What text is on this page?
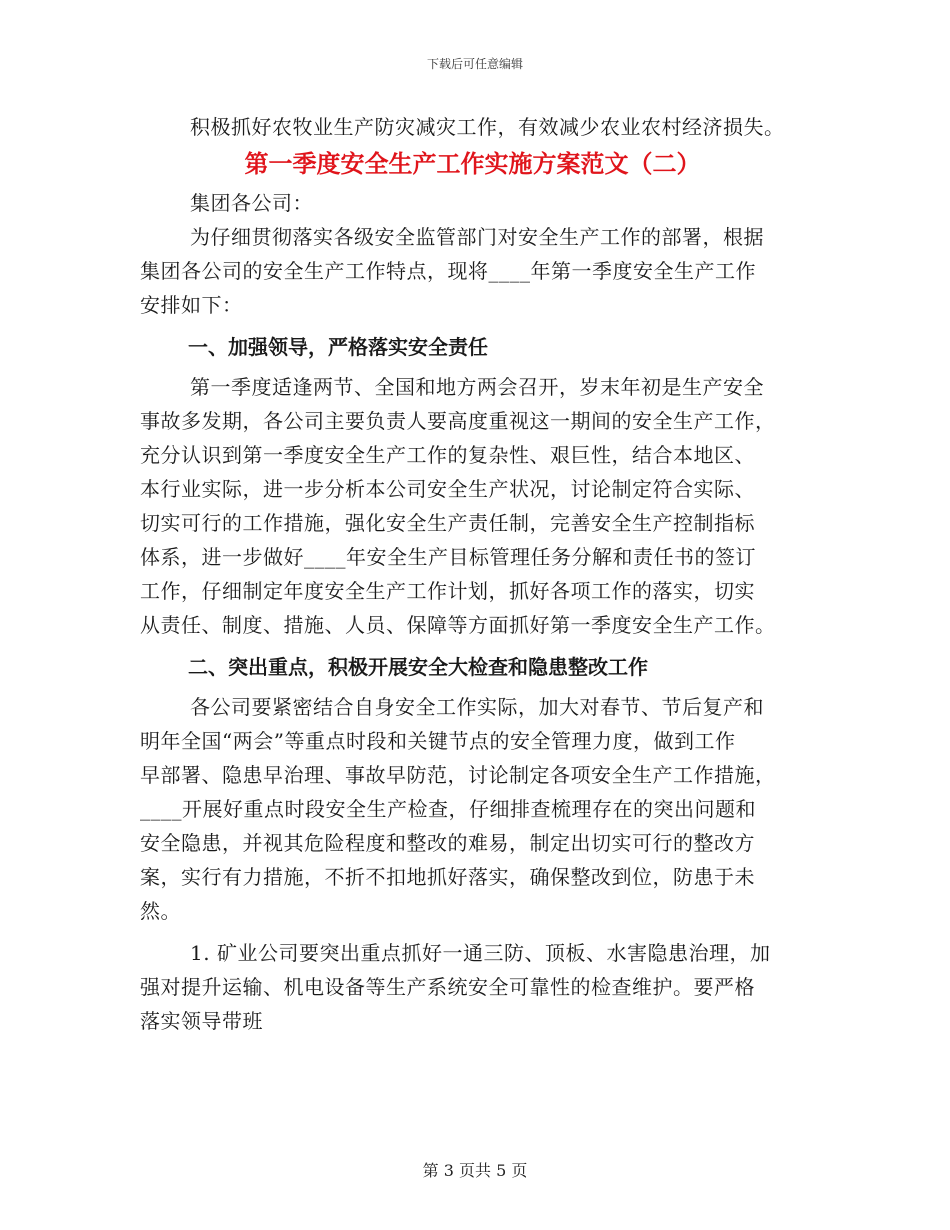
下载后可任意编辑
积极抓好农牧业生产防灾减灾工作，有效减少农业农村经济损失。
第一季度安全生产工作实施方案范文（二）
集团各公司：
为仔细贯彻落实各级安全监管部门对安全生产工作的部署，根据
集团各公司的安全生产工作特点，现将____年第一季度安全生产工作
安排如下：
一、加强领导，严格落实安全责任
第一季度适逢两节、全国和地方两会召开，岁末年初是生产安全
事故多发期，各公司主要负责人要高度重视这一期间的安全生产工作，
充分认识到第一季度安全生产工作的复杂性、艰巨性，结合本地区、
本行业实际，进一步分析本公司安全生产状况，讨论制定符合实际、
切实可行的工作措施，强化安全生产责任制，完善安全生产控制指标
体系，进一步做好____年安全生产目标管理任务分解和责任书的签订
工作，仔细制定年度安全生产工作计划，抓好各项工作的落实，切实
从责任、制度、措施、人员、保障等方面抓好第一季度安全生产工作。
二、突出重点，积极开展安全大检查和隐患整改工作
各公司要紧密结合自身安全工作实际，加大对春节、节后复产和
明年全国“两会”等重点时段和关键节点的安全管理力度，做到工作
早部署、隐患早治理、事故早防范，讨论制定各项安全生产工作措施，
____开展好重点时段安全生产检查，仔细排查梳理存在的突出问题和
安全隐患，并视其危险程度和整改的难易，制定出切实可行的整改方
案，实行有力措施，不折不扣地抓好落实，确保整改到位，防患于未
然。
1. 矿业公司要突出重点抓好一通三防、顶板、水害隐患治理，加
强对提升运输、机电设备等生产系统安全可靠性的检查维护。要严格
落实领导带班
第 3 页共 5 页
